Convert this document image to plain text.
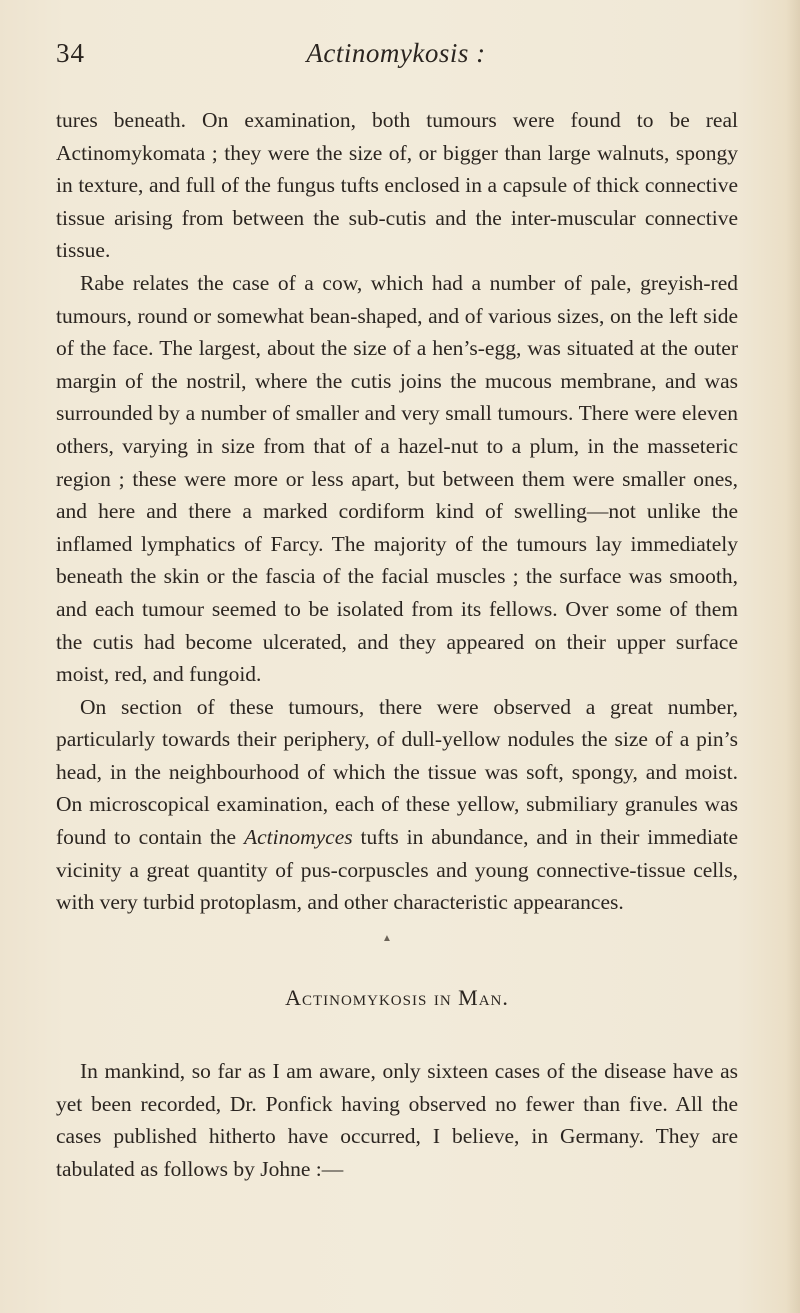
34	Actinomykosis :

tures beneath. On examination, both tumours were found to be real Actinomykomata ; they were the size of, or bigger than large walnuts, spongy in texture, and full of the fungus tufts enclosed in a capsule of thick connective tissue arising from between the sub-cutis and the inter-muscular connective tissue.

Rabe relates the case of a cow, which had a number of pale, greyish-red tumours, round or somewhat bean-shaped, and of various sizes, on the left side of the face. The largest, about the size of a hen’s-egg, was situated at the outer margin of the nostril, where the cutis joins the mucous membrane, and was surrounded by a number of smaller and very small tumours. There were eleven others, varying in size from that of a hazel-nut to a plum, in the masseteric region ; these were more or less apart, but between them were smaller ones, and here and there a marked cordiform kind of swelling—not unlike the inflamed lymphatics of Farcy. The majority of the tumours lay immediately beneath the skin or the fascia of the facial muscles ; the surface was smooth, and each tumour seemed to be isolated from its fellows. Over some of them the cutis had become ulcerated, and they appeared on their upper surface moist, red, and fungoid.

On section of these tumours, there were observed a great number, particularly towards their periphery, of dull-yellow nodules the size of a pin’s head, in the neighbourhood of which the tissue was soft, spongy, and moist. On microscopical examination, each of these yellow, submiliary granules was found to contain the Actinomyces tufts in abundance, and in their immediate vicinity a great quantity of pus-corpuscles and young connective-tissue cells, with very turbid protoplasm, and other characteristic appearances.

▲
Actinomykosis in Man.

In mankind, so far as I am aware, only sixteen cases of the disease have as yet been recorded, Dr. Ponfick having observed no fewer than five. All the cases published hitherto have occurred, I believe, in Germany. They are tabulated as follows by Johne :—
